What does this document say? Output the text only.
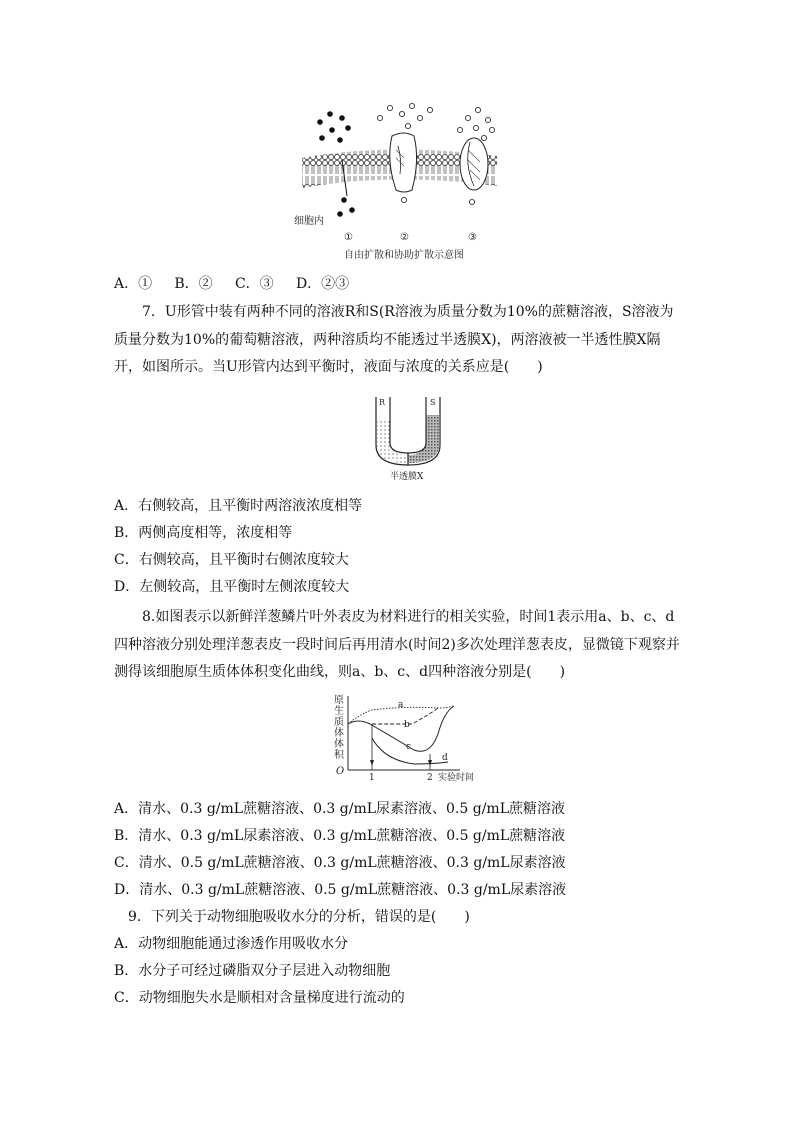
细胞内
①	②	③
自由扩散和协助扩散示意图
A．① B．② C．③ D．②③
7．U形管中装有两种不同的溶液R和S(R溶液为质量分数为10%的蔗糖溶液，S溶液为质量分数为10%的葡萄糖溶液，两种溶质均不能透过半透膜X)，两溶液被一半透性膜X隔开，如图所示。当U形管内达到平衡时，液面与浓度的关系应是(　　)
R	S
半透膜X
A．右侧较高，且平衡时两溶液浓度相等
B．两侧高度相等，浓度相等
C．右侧较高，且平衡时右侧浓度较大
D．左侧较高，且平衡时左侧浓度较大
8.如图表示以新鲜洋葱鳞片叶外表皮为材料进行的相关实验，时间1表示用a、b、c、d四种溶液分别处理洋葱表皮一段时间后再用清水(时间2)多次处理洋葱表皮，显微镜下观察并测得该细胞原生质体体积变化曲线，则a、b、c、d四种溶液分别是(　　)
原
生
质
体
体
积
O
1	2 实验时间
a
b
c
d
A．清水、0.3 g/mL蔗糖溶液、0.3 g/mL尿素溶液、0.5 g/mL蔗糖溶液
B．清水、0.3 g/mL尿素溶液、0.3 g/mL蔗糖溶液、0.5 g/mL蔗糖溶液
C．清水、0.5 g/mL蔗糖溶液、0.3 g/mL蔗糖溶液、0.3 g/mL尿素溶液
D．清水、0.3 g/mL蔗糖溶液、0.5 g/mL蔗糖溶液、0.3 g/mL尿素溶液
9．下列关于动物细胞吸收水分的分析，错误的是(　　)
A．动物细胞能通过渗透作用吸收水分
B．水分子可经过磷脂双分子层进入动物细胞
C．动物细胞失水是顺相对含量梯度进行流动的
